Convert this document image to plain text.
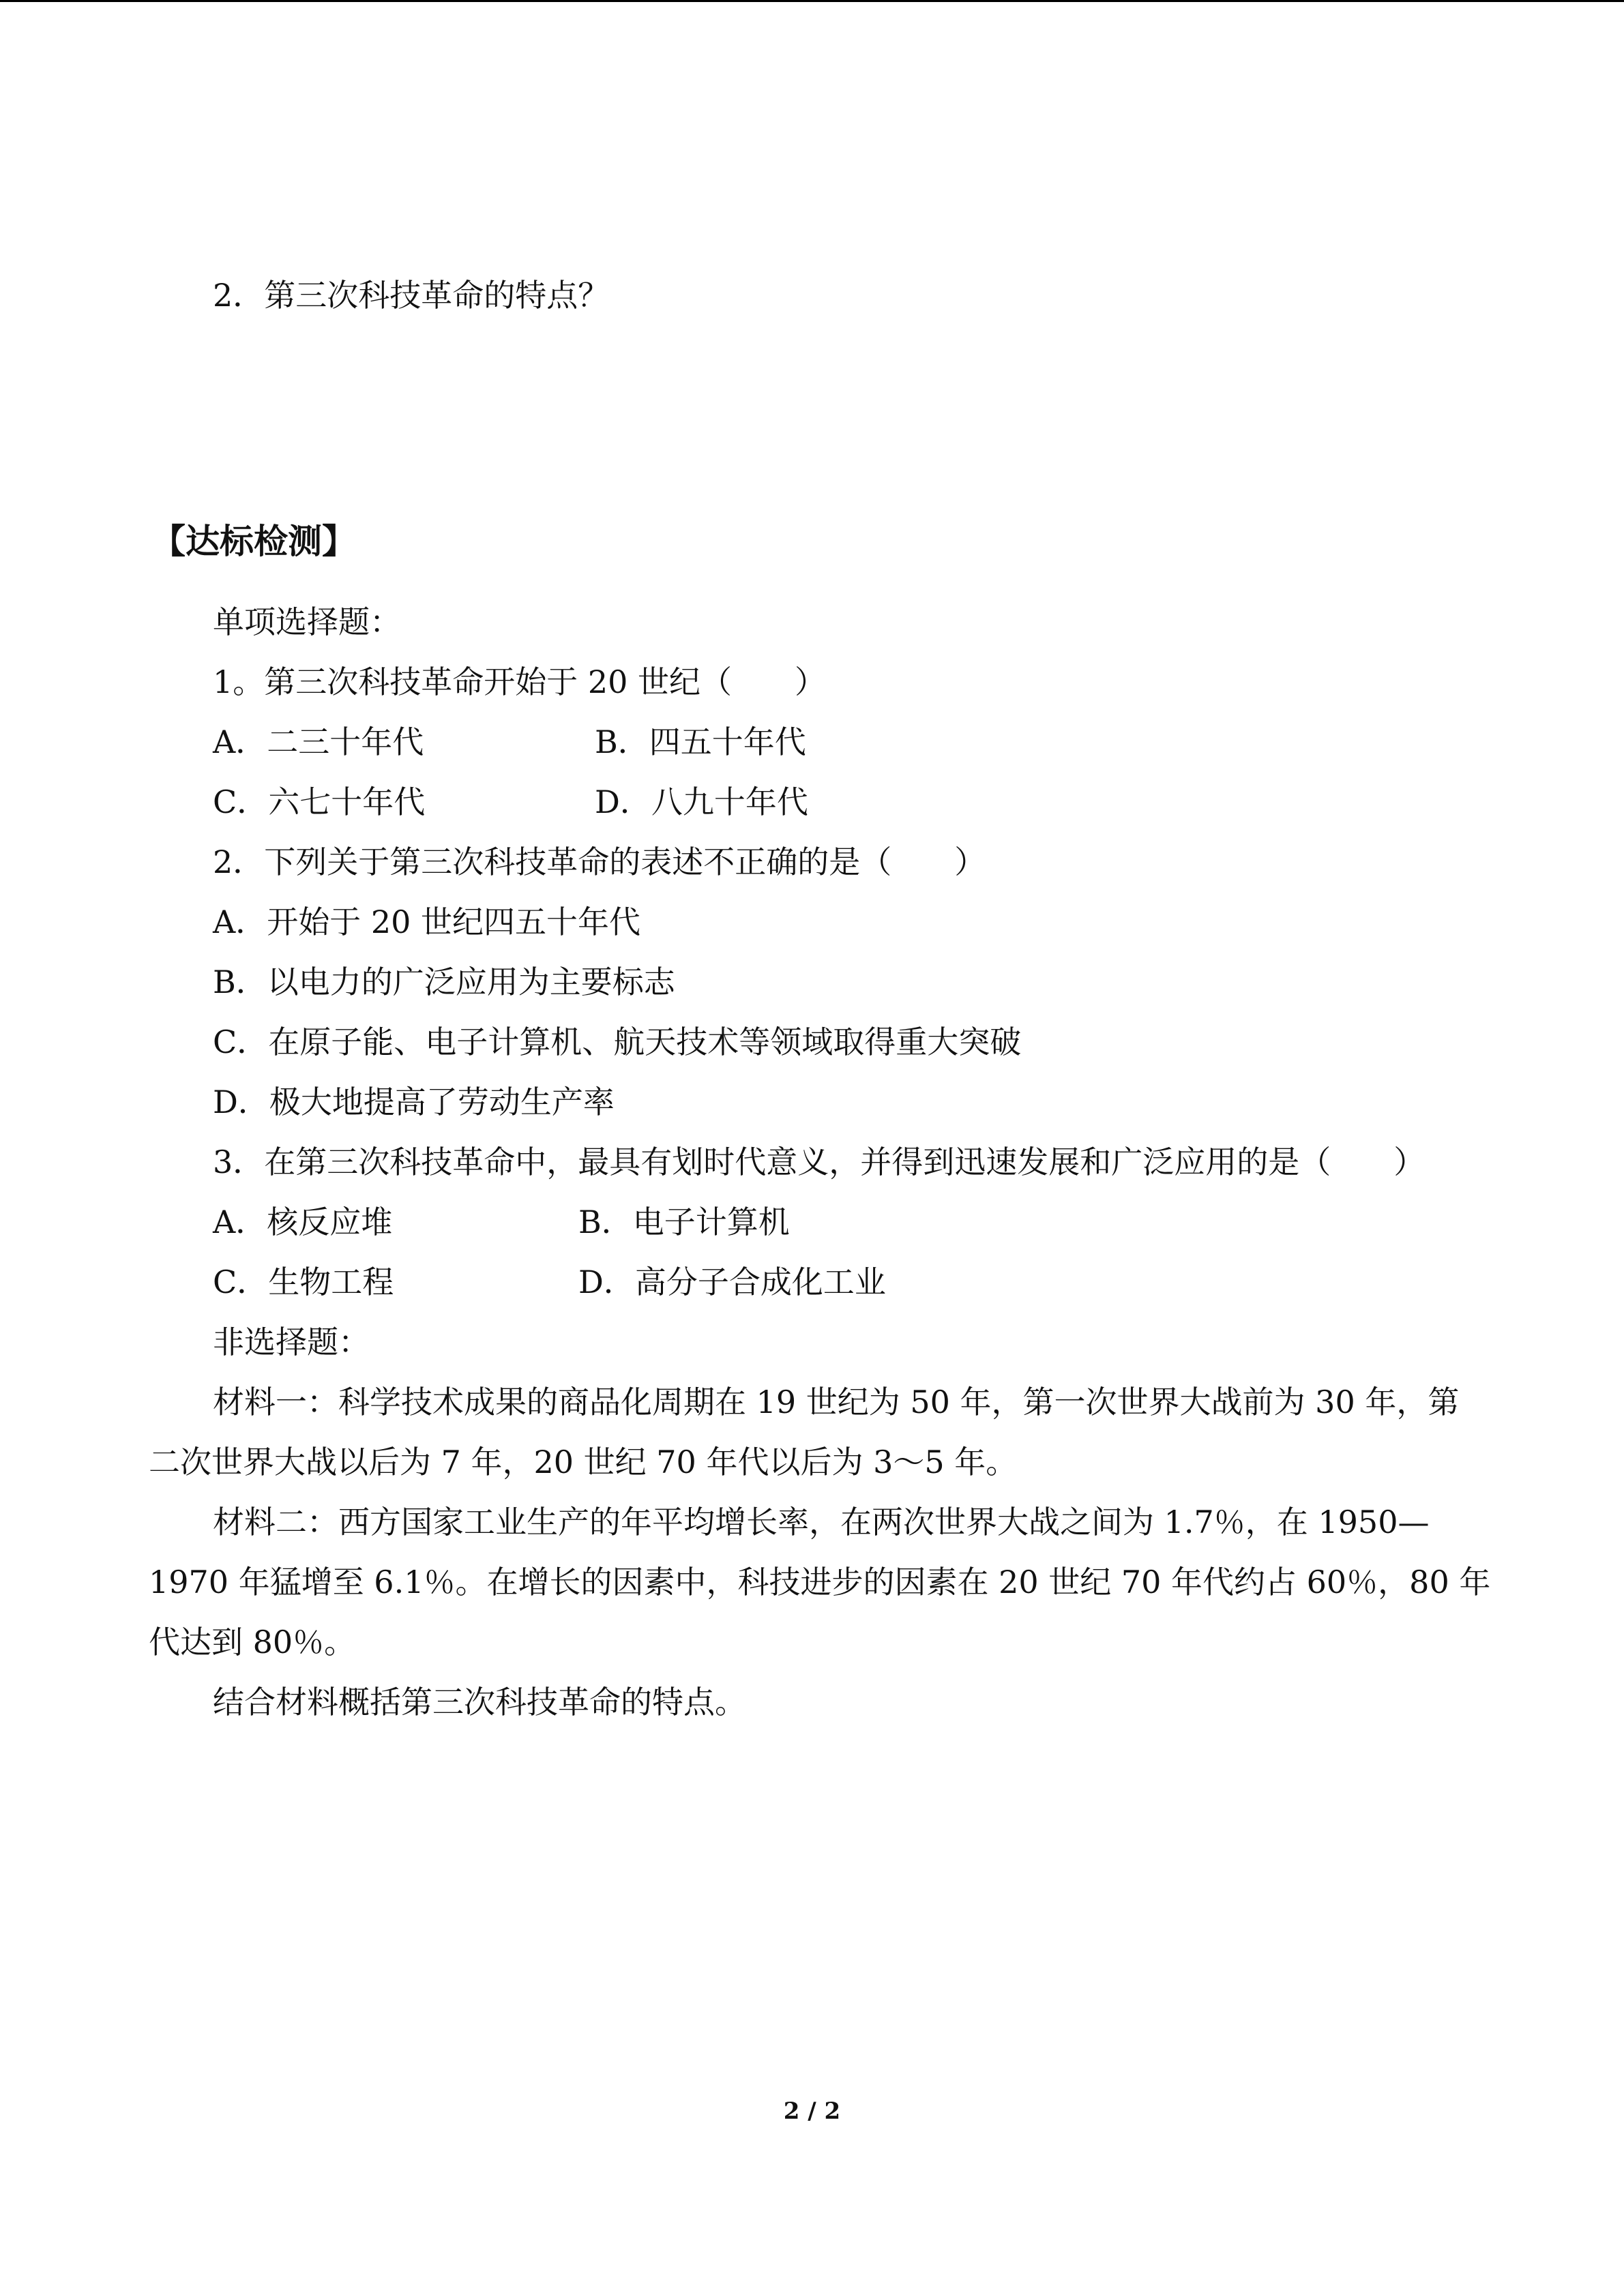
2．第三次科技革命的特点？
【达标检测】
单项选择题：
1。第三次科技革命开始于 20 世纪（　　）
A．二三十年代	B．四五十年代
C．六七十年代	D．八九十年代
2．下列关于第三次科技革命的表述不正确的是（　　）
A．开始于 20 世纪四五十年代
B．以电力的广泛应用为主要标志
C．在原子能、电子计算机、航天技术等领域取得重大突破
D．极大地提高了劳动生产率
3．在第三次科技革命中，最具有划时代意义，并得到迅速发展和广泛应用的是（　　）
A．核反应堆	B．电子计算机
C．生物工程	D．高分子合成化工业
非选择题：
材料一：科学技术成果的商品化周期在 19 世纪为 50 年，第一次世界大战前为 30 年，第
二次世界大战以后为 7 年，20 世纪 70 年代以后为 3～5 年。
材料二：西方国家工业生产的年平均增长率，在两次世界大战之间为 1.7％，在 1950—
1970 年猛增至 6.1％。在增长的因素中，科技进步的因素在 20 世纪 70 年代约占 60％，80 年
代达到 80％。
结合材料概括第三次科技革命的特点。
2 / 2
